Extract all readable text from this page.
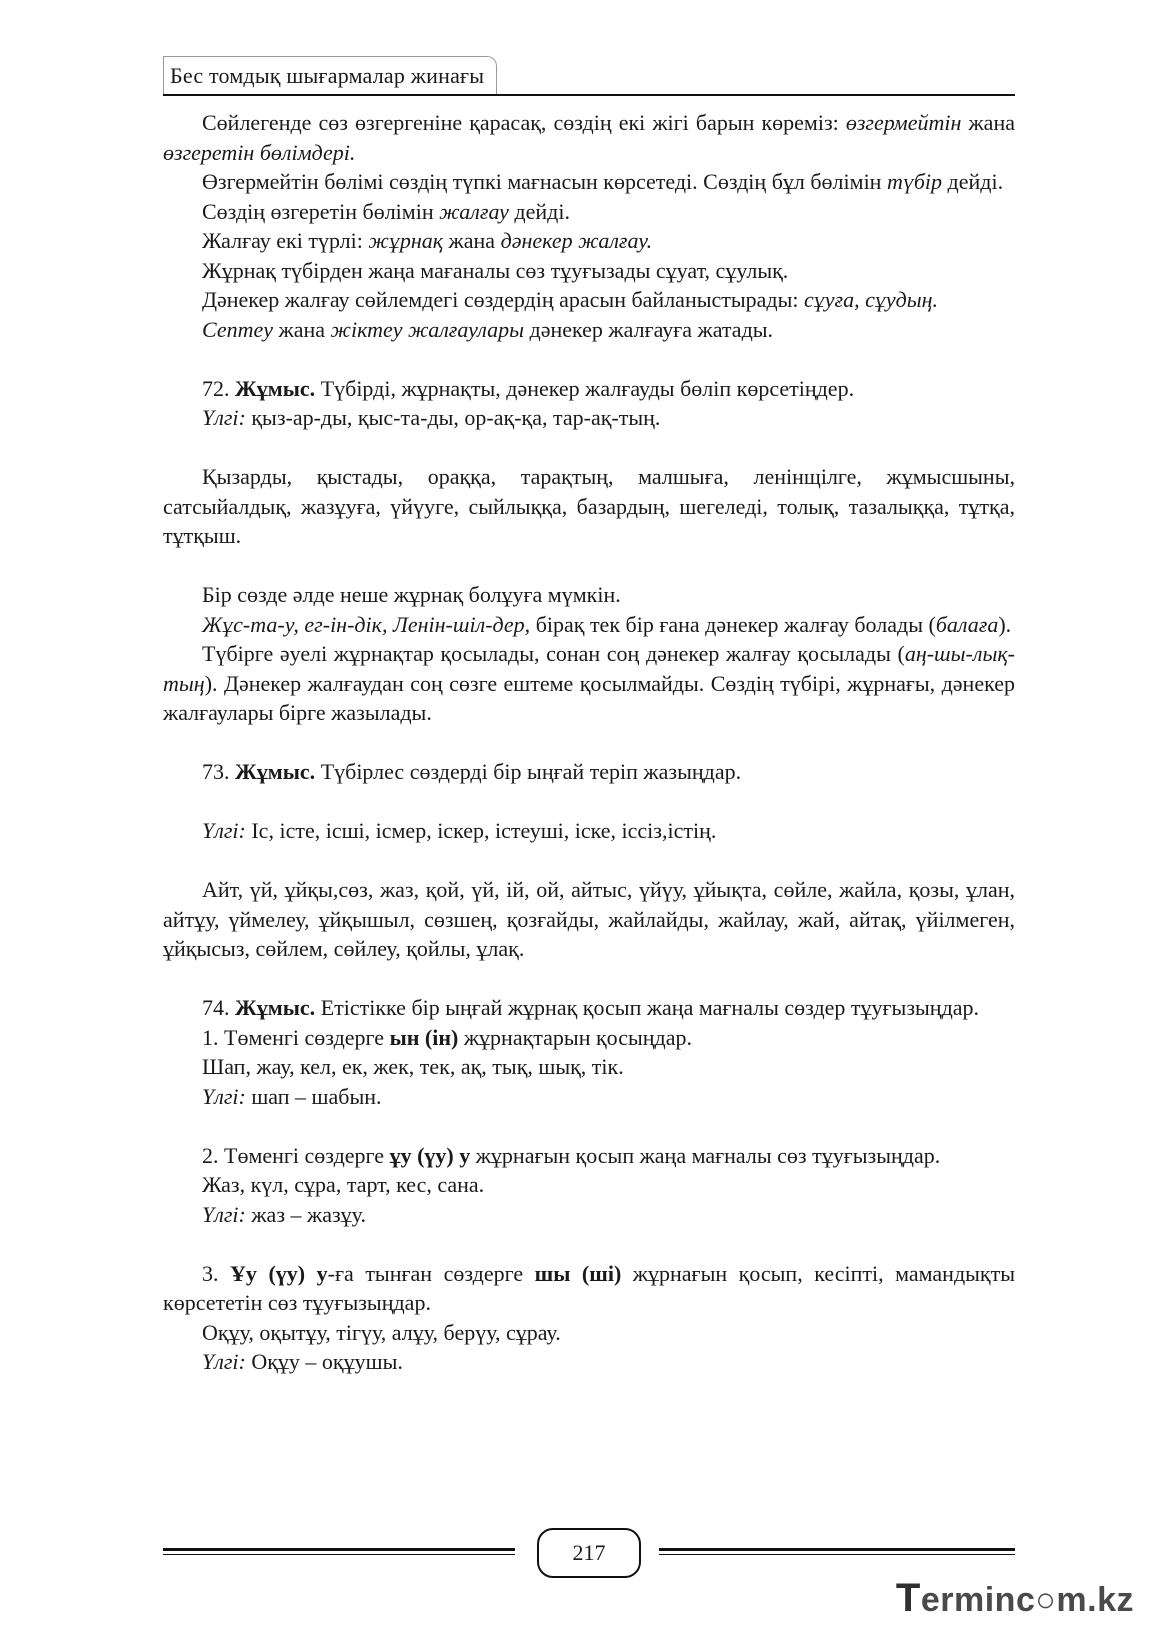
Бес томдық шығармалар жинағы

Сөйлегенде сөз өзгергеніне қарасақ, сөздің екі жігі барын көреміз: өзгермейтін жана өзгеретін бөлімдері.

Өзгермейтін бөлімі сөздің түпкі мағнасын көрсетеді. Сөздің бұл бөлімін түбір дейді.

Сөздің өзгеретін бөлімін жалғау дейді.

Жалғау екі түрлі: жұрнақ жана дәнекер жалғау.

Жұрнақ түбірден жаңа мағаналы сөз тұуғызады сұуат, сұулық.

Дәнекер жалғау сөйлемдегі сөздердің арасын байланыстырады: сұуға, сұудың.

Септеу жана жіктеу жалғаулары дәнекер жалғауға жатады.

72. Жұмыс. Түбірді, жұрнақты, дәнекер жалғауды бөліп көрсетіңдер.

Үлгі: қыз-ар-ды, қыс-та-ды, ор-ақ-қа, тар-ақ-тың.

Қызарды, қыстады, ораққа, тарақтың, малшыға, ленінщілге, жұмысшыны, сатсыйалдық, жазұуға, үйүуге, сыйлыққа, базардың, шегеледі, толық, тазалыққа, тұтқа, тұтқыш.

Бір сөзде әлде неше жұрнақ болұуға мүмкін.

Жұс-та-у, ег-ін-дік, Ленін-шіл-дер, бірақ тек бір ғана дәнекер жалғау болады (балаға).

Түбірге әуелі жұрнақтар қосылады, сонан соң дәнекер жалғау қосылады (аң-шы-лық-тың). Дәнекер жалғаудан соң сөзге ештеме қосылмайды. Сөздің түбірі, жұрнағы, дәнекер жалғаулары бірге жазылады.

73. Жұмыс. Түбірлес сөздерді бір ыңғай теріп жазыңдар.

Үлгі: Іс, істе, ісші, ісмер, іскер, істеуші, іске, іссіз,істің.

Айт, үй, ұйқы,сөз, жаз, қой, үй, ій, ой, айтыс, үйүу, ұйықта, сөйле, жайла, қозы, ұлан, айтұу, үймелеу, ұйқышыл, сөзшең, қозғайды, жайлайды, жайлау, жай, айтақ, үйілмеген, ұйқысыз, сөйлем, сөйлеу, қойлы, ұлақ.

74. Жұмыс. Етістікке бір ыңғай жұрнақ қосып жаңа мағналы сөздер тұуғызыңдар.

1. Төменгі сөздерге ын (ін) жұрнақтарын қосыңдар.

Шап, жау, кел, ек, жек, тек, ақ, тық, шық, тік.

Үлгі: шап – шабын.

2. Төменгі сөздерге ұу (үу) у жұрнағын қосып жаңа мағналы сөз тұуғызыңдар.

Жаз, күл, сұра, тарт, кес, сана.

Үлгі: жаз – жазұу.

3. Ұу (үу) у-ға тынған сөздерге шы (ші) жұрнағын қосып, кесіпті, мамандықты көрсететін сөз тұуғызыңдар.

Оқұу, оқытұу, тігүу, алұу, берүу, сұрау.

Үлгі: Оқұу – оқұушы.

217
Terminc○m.kz
